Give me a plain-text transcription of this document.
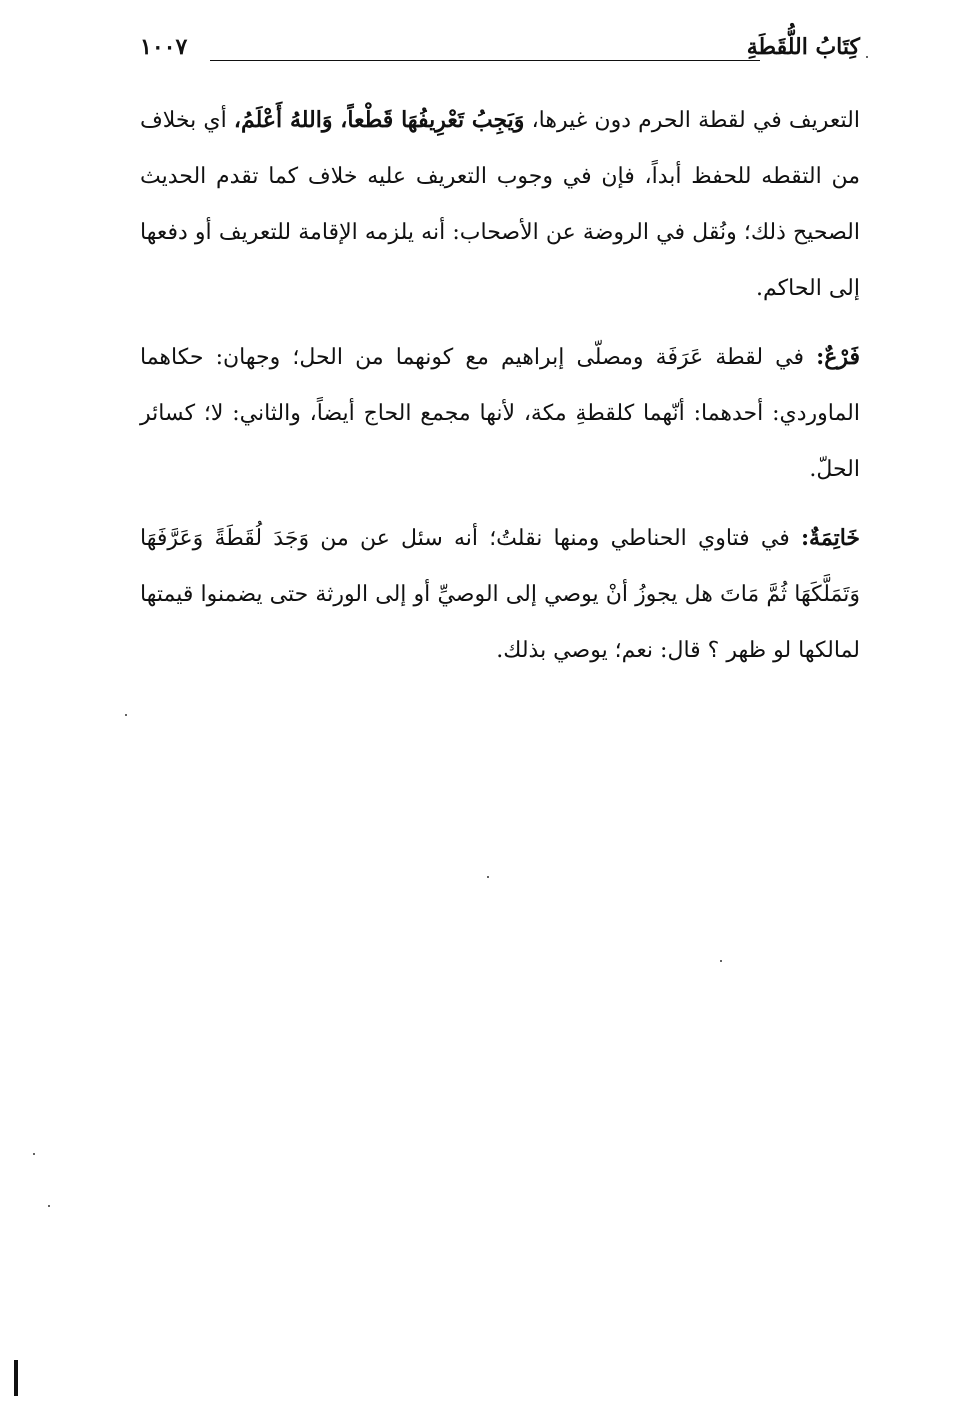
كِتَابُ اللُّقَطَةِ
١٠٠٧

التعريف في لقطة الحرم دون غيرها، وَيَجِبُ تَعْرِيفُهَا قَطْعاً، وَاللهُ أَعْلَمُ، أي بخلاف من التقطه للحفظ أبداً، فإن في وجوب التعريف عليه خلاف كما تقدم الحديث الصحيح ذلك؛ ونُقل في الروضة عن الأصحاب: أنه يلزمه الإقامة للتعريف أو دفعها إلى الحاكم.

فَرْعٌ: في لقطة عَرَفَة ومصلّى إبراهيم مع كونهما من الحل؛ وجهان: حكاهما الماوردي: أحدهما: أنّهما كلقطةِ مكة، لأنها مجمع الحاج أيضاً، والثاني: لا؛ كسائر الحلّ.

خَاتِمَةٌ: في فتاوي الحناطي ومنها نقلتُ؛ أنه سئل عن من وَجَدَ لُقَطَةً وَعَرَّفَهَا وَتَمَلَّكَهَا ثُمَّ مَاتَ هل يجوزُ أنْ يوصي إلى الوصيِّ أو إلى الورثة حتى يضمنوا قيمتها لمالكها لو ظهر ؟ قال: نعم؛ يوصي بذلك.
